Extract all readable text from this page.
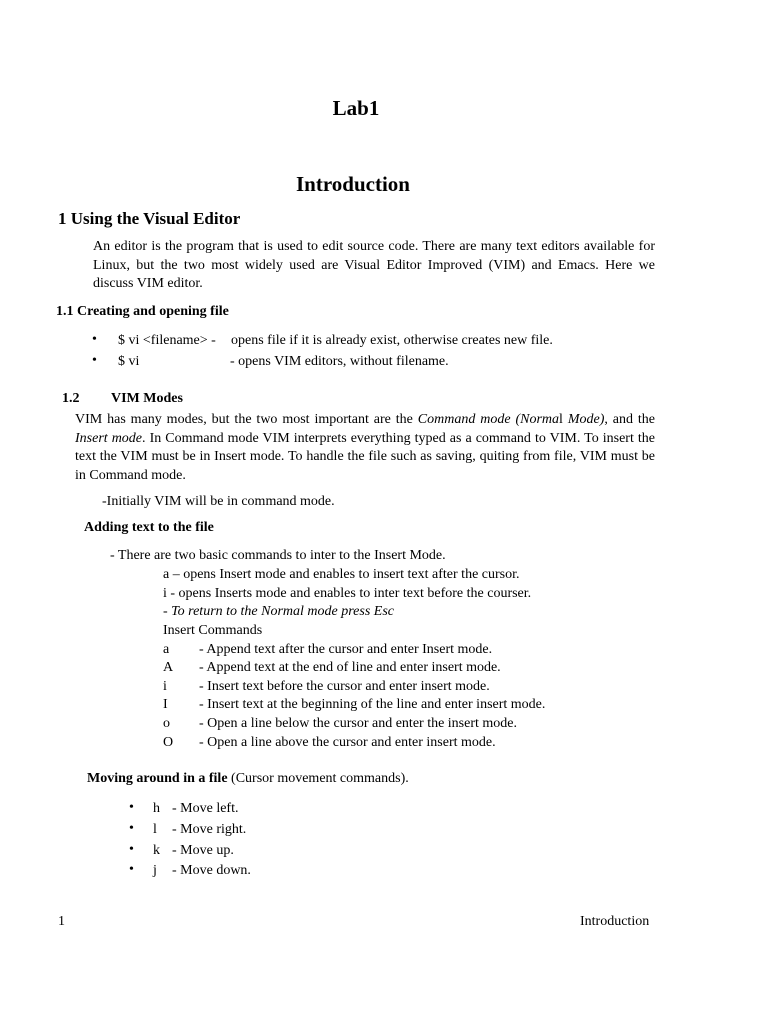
Lab1
Introduction
1 Using the Visual Editor
An editor is the program that is used to edit source code. There are many text editors available for Linux, but the two most widely used are Visual Editor Improved (VIM) and Emacs. Here we discuss VIM editor.
1.1 Creating and opening file
• $ vi <filename> - opens file if it is already exist, otherwise creates new file.
• $ vi	- opens VIM editors, without filename.
1.2 VIM Modes
VIM has many modes, but the two most important are the Command mode (Normal Mode), and the Insert mode. In Command mode VIM interprets everything typed as a command to VIM. To insert the text the VIM must be in Insert mode. To handle the file such as saving, quiting from file, VIM must be in Command mode.
-Initially VIM will be in command mode.
Adding text to the file
- There are two basic commands to inter to the Insert Mode.
a – opens Insert mode and enables to insert text after the cursor.
i - opens Inserts mode and enables to inter text before the courser.
- To return to the Normal mode press Esc
Insert Commands
a - Append text after the cursor and enter Insert mode.
A - Append text at the end of line and enter insert mode.
i - Insert text before the cursor and enter insert mode.
I - Insert text at the beginning of the line and enter insert mode.
o - Open a line below the cursor and enter the insert mode.
O - Open a line above the cursor and enter insert mode.
Moving around in a file (Cursor movement commands).
• h - Move left.
• l - Move right.
• k - Move up.
• j - Move down.
1	Introduction
